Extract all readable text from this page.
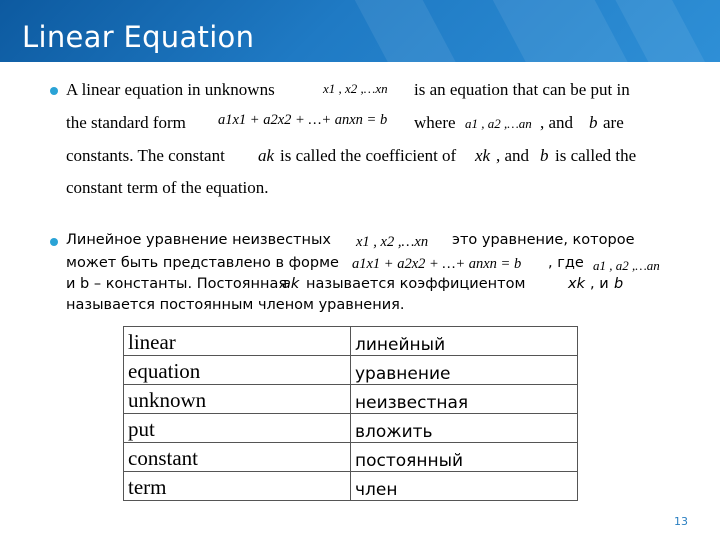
Linear Equation
A linear equation in unknowns	x1 , x2 ,…xn is an equation that can be put in
the standard form a1x1 + a2x2 + …+ anxn = b where a1 , a2 ,…an , and b are
constants. The constant ak is called the coefficient of xk , and b is called the
constant term of the equation.
Линейное уравнение неизвестных x1 , x2 ,…xn это уравнение, которое
может быть представлено в форме a1x1 + a2x2 + …+ anxn = b , где a1 , a2 ,…an
и b – константы. Постоянная
ak называется коэффициентом	xk , и b
называется постоянным членом уравнения.
linear	линейный
equation	уравнение
unknown	неизвестная
put	вложить
constant	постоянный
term	член
13
